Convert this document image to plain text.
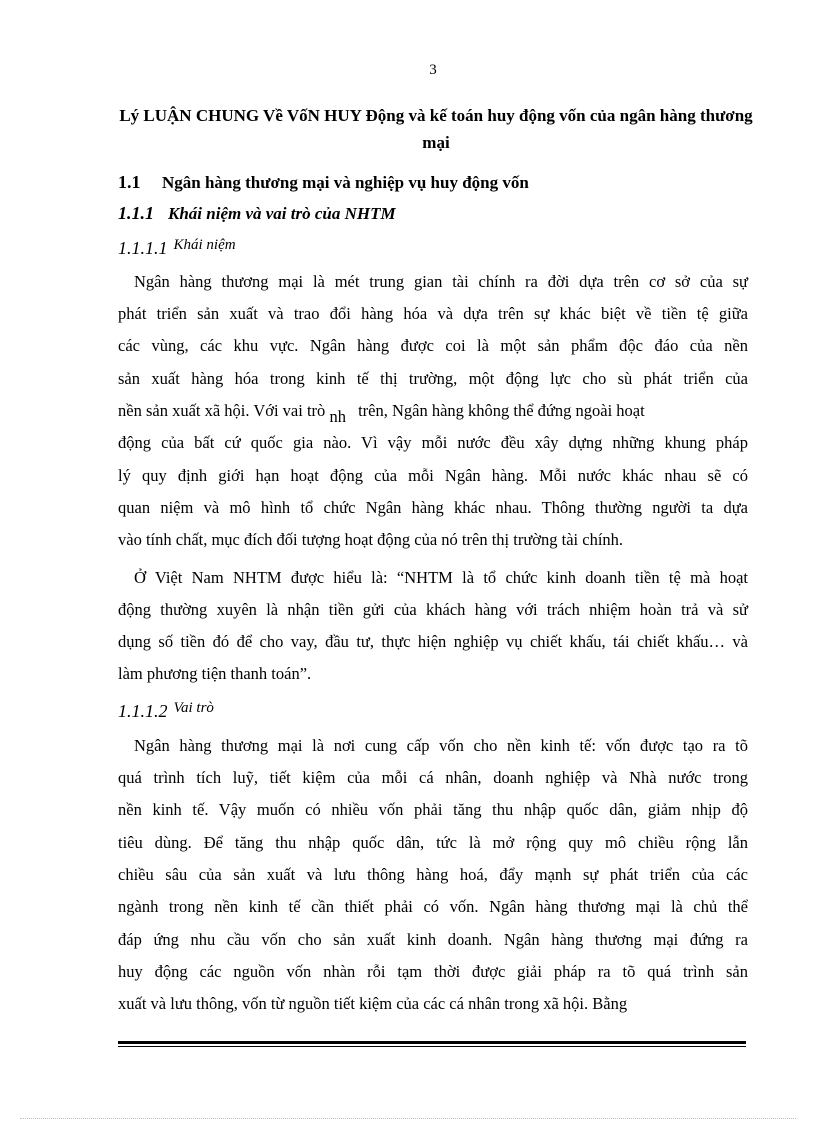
3
Lý LUẬN CHUNG Về VốN HUY Động và kế toán huy động vốn của ngân hàng thương mại
1.1 Ngân hàng thương mại và nghiệp vụ huy động vốn
1.1.1 Khái niệm và vai trò của NHTM
1.1.1.1 Khái niệm
Ngân hàng thương mại là mét trung gian tài chính ra đời dựa trên cơ sở của sự
phát triển sản xuất và trao đổi hàng hóa và dựa trên sự khác biệt về tiền tệ giữa
các vùng, các khu vực. Ngân hàng được coi là một sản phẩm độc đáo của nền
sản xuất hàng hóa trong kinh tế thị trường, một động lực cho sù phát triển của
nền sản xuất xã hội. Với vai trò nh trên, Ngân hàng không thể đứng ngoài hoạt
động của bất cứ quốc gia nào. Vì vậy mỗi nước đều xây dựng những khung pháp
lý quy định giới hạn hoạt động của mỗi Ngân hàng. Mỗi nước khác nhau sẽ có
quan niệm và mô hình tổ chức Ngân hàng khác nhau. Thông thường người ta dựa
vào tính chất, mục đích đối tượng hoạt động của nó trên thị trường tài chính.
Ở Việt Nam NHTM được hiểu là: “NHTM là tổ chức kinh doanh tiền tệ mà hoạt
động thường xuyên là nhận tiền gửi của khách hàng với trách nhiệm hoàn trả và sử
dụng số tiền đó để cho vay, đầu tư, thực hiện nghiệp vụ chiết khấu, tái chiết khấu… và
làm phương tiện thanh toán”.
1.1.1.2 Vai trò
Ngân hàng thương mại là nơi cung cấp vốn cho nền kinh tế: vốn được tạo ra tõ
quá trình tích luỹ, tiết kiệm của mỗi cá nhân, doanh nghiệp và Nhà nước trong
nền kinh tế. Vậy muốn có nhiều vốn phải tăng thu nhập quốc dân, giảm nhịp độ
tiêu dùng. Để tăng thu nhập quốc dân, tức là mở rộng quy mô chiều rộng lẫn
chiều sâu của sản xuất và lưu thông hàng hoá, đẩy mạnh sự phát triển của các
ngành trong nền kinh tế cần thiết phải có vốn. Ngân hàng thương mại là chủ thể
đáp ứng nhu cầu vốn cho sản xuất kinh doanh. Ngân hàng thương mại đứng ra
huy động các nguồn vốn nhàn rỗi tạm thời được giải pháp ra tõ quá trình sản
xuất và lưu thông, vốn từ nguồn tiết kiệm của các cá nhân trong xã hội. Bằng
